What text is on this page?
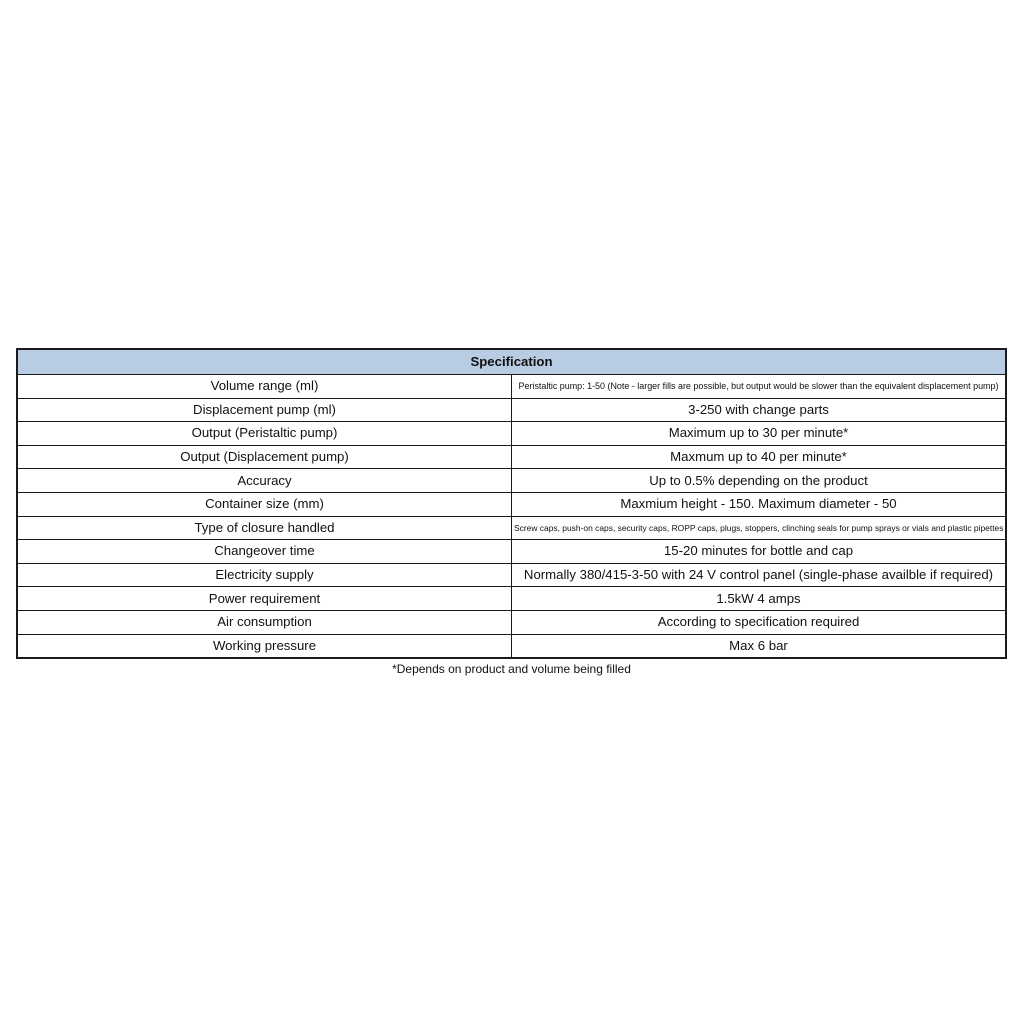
Specification	
Volume range (ml)	Peristaltic pump: 1-50 (Note - larger fills are possible, but output would be slower than the equivalent displacement pump)
Displacement pump (ml)	3-250 with change parts
Output (Peristaltic pump)	Maximum up to 30 per minute*
Output (Displacement pump)	Maxmum up to 40 per minute*
Accuracy	Up to 0.5% depending on the product
Container size (mm)	Maxmium height - 150. Maximum diameter - 50
Type of closure handled	Screw caps, push-on caps, security caps, ROPP caps, plugs, stoppers, clinching seals for pump sprays or vials and plastic pipettes
Changeover time	15-20 minutes for bottle and cap
Electricity supply	Normally 380/415-3-50 with 24 V control panel (single-phase availble if required)
Power requirement	1.5kW 4 amps
Air consumption	According to specification required
Working pressure	Max 6 bar
*Depends on product and volume being filled
